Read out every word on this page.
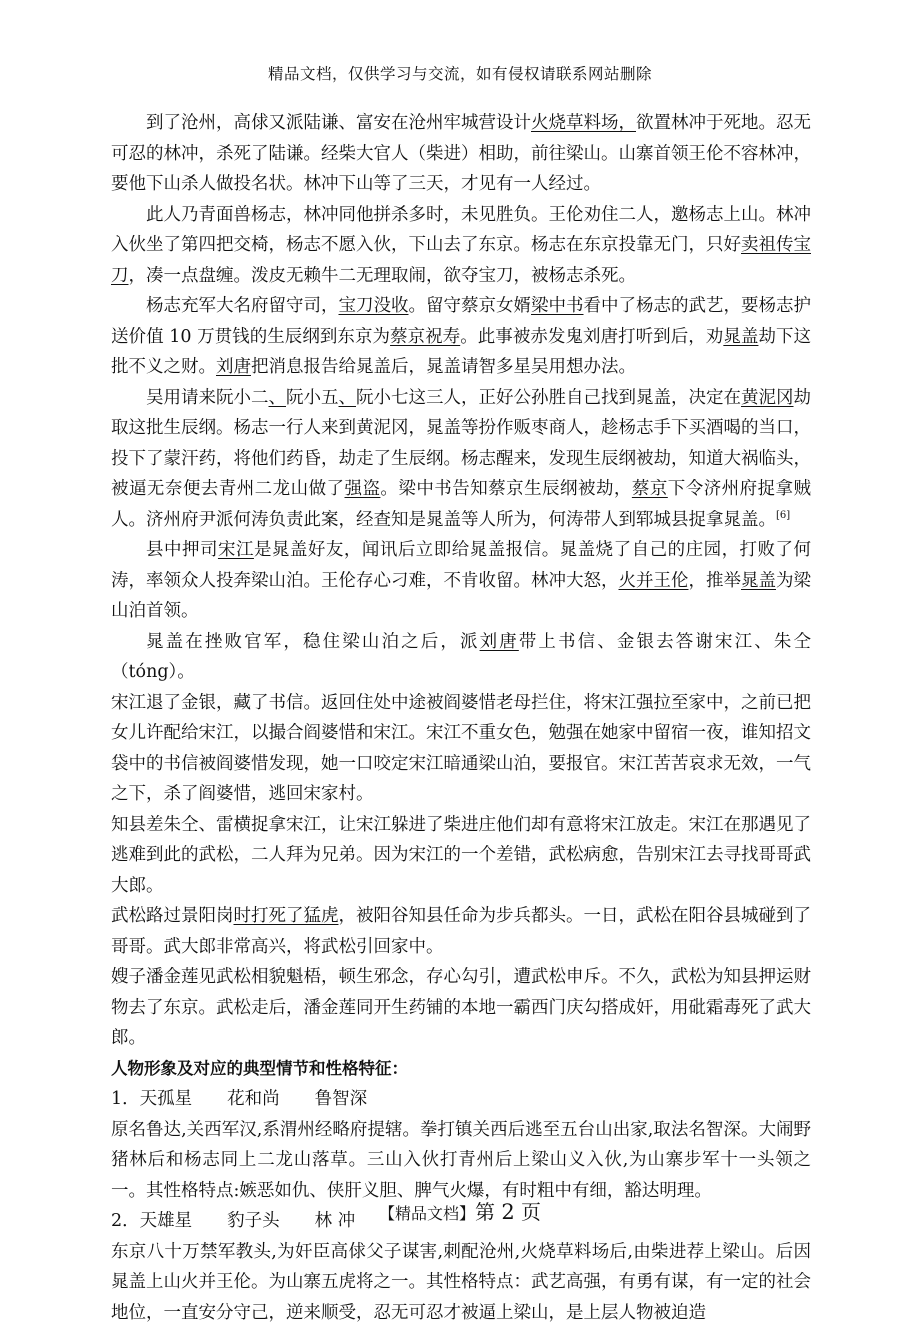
精品文档，仅供学习与交流，如有侵权请联系网站删除

到了沧州，高俅又派陆谦、富安在沧州牢城营设计火烧草料场，欲置林冲于死地。忍无可忍的林冲，杀死了陆谦。经柴大官人（柴进）相助，前往梁山。山寨首领王伦不容林冲，要他下山杀人做投名状。林冲下山等了三天，才见有一人经过。

此人乃青面兽杨志，林冲同他拼杀多时，未见胜负。王伦劝住二人，邀杨志上山。林冲入伙坐了第四把交椅，杨志不愿入伙，下山去了东京。杨志在东京投靠无门，只好卖祖传宝刀，凑一点盘缠。泼皮无赖牛二无理取闹，欲夺宝刀，被杨志杀死。

杨志充军大名府留守司，宝刀没收。留守蔡京女婿梁中书看中了杨志的武艺，要杨志护送价值 10 万贯钱的生辰纲到东京为蔡京祝寿。此事被赤发鬼刘唐打听到后，劝晁盖劫下这批不义之财。刘唐把消息报告给晁盖后，晁盖请智多星吴用想办法。

吴用请来阮小二、阮小五、阮小七这三人，正好公孙胜自己找到晁盖，决定在黄泥冈劫取这批生辰纲。杨志一行人来到黄泥冈，晁盖等扮作贩枣商人，趁杨志手下买酒喝的当口，投下了蒙汗药，将他们药昏，劫走了生辰纲。杨志醒来，发现生辰纲被劫，知道大祸临头，被逼无奈便去青州二龙山做了强盗。梁中书告知蔡京生辰纲被劫，蔡京下令济州府捉拿贼人。济州府尹派何涛负责此案，经查知是晁盖等人所为，何涛带人到郓城县捉拿晁盖。[6]

县中押司宋江是晁盖好友，闻讯后立即给晁盖报信。晁盖烧了自己的庄园，打败了何涛，率领众人投奔梁山泊。王伦存心刁难，不肯收留。林冲大怒，火并王伦，推举晁盖为梁山泊首领。

晁盖在挫败官军，稳住梁山泊之后，派刘唐带上书信、金银去答谢宋江、朱仝（tóng）。

宋江退了金银，藏了书信。返回住处中途被阎婆惜老母拦住，将宋江强拉至家中，之前已把女儿许配给宋江，以撮合阎婆惜和宋江。宋江不重女色，勉强在她家中留宿一夜，谁知招文袋中的书信被阎婆惜发现，她一口咬定宋江暗通梁山泊，要报官。宋江苦苦哀求无效，一气之下，杀了阎婆惜，逃回宋家村。

知县差朱仝、雷横捉拿宋江，让宋江躲进了柴进庄他们却有意将宋江放走。宋江在那遇见了逃难到此的武松，二人拜为兄弟。因为宋江的一个差错，武松病愈，告别宋江去寻找哥哥武大郎。

武松路过景阳岗时打死了猛虎，被阳谷知县任命为步兵都头。一日，武松在阳谷县城碰到了哥哥。武大郎非常高兴，将武松引回家中。

嫂子潘金莲见武松相貌魁梧，顿生邪念，存心勾引，遭武松申斥。不久，武松为知县押运财物去了东京。武松走后，潘金莲同开生药铺的本地一霸西门庆勾搭成奸，用砒霜毒死了武大郎。

人物形象及对应的典型情节和性格特征：

1．天孤星　　花和尚　　鲁智深

原名鲁达,关西军汉,系渭州经略府提辖。拳打镇关西后逃至五台山出家,取法名智深。大闹野猪林后和杨志同上二龙山落草。三山入伙打青州后上梁山义入伙,为山寨步军十一头领之一。其性格特点:嫉恶如仇、侠肝义胆、脾气火爆，有时粗中有细，豁达明理。

2．天雄星　　豹子头　　林 冲

东京八十万禁军教头,为奸臣高俅父子谋害,刺配沧州,火烧草料场后,由柴进荐上梁山。后因晁盖上山火并王伦。为山寨五虎将之一。其性格特点：武艺高强，有勇有谋，有一定的社会地位，一直安分守己，逆来顺受，忍无可忍才被逼上梁山，是上层人物被迫造

【精品文档】第 2 页
